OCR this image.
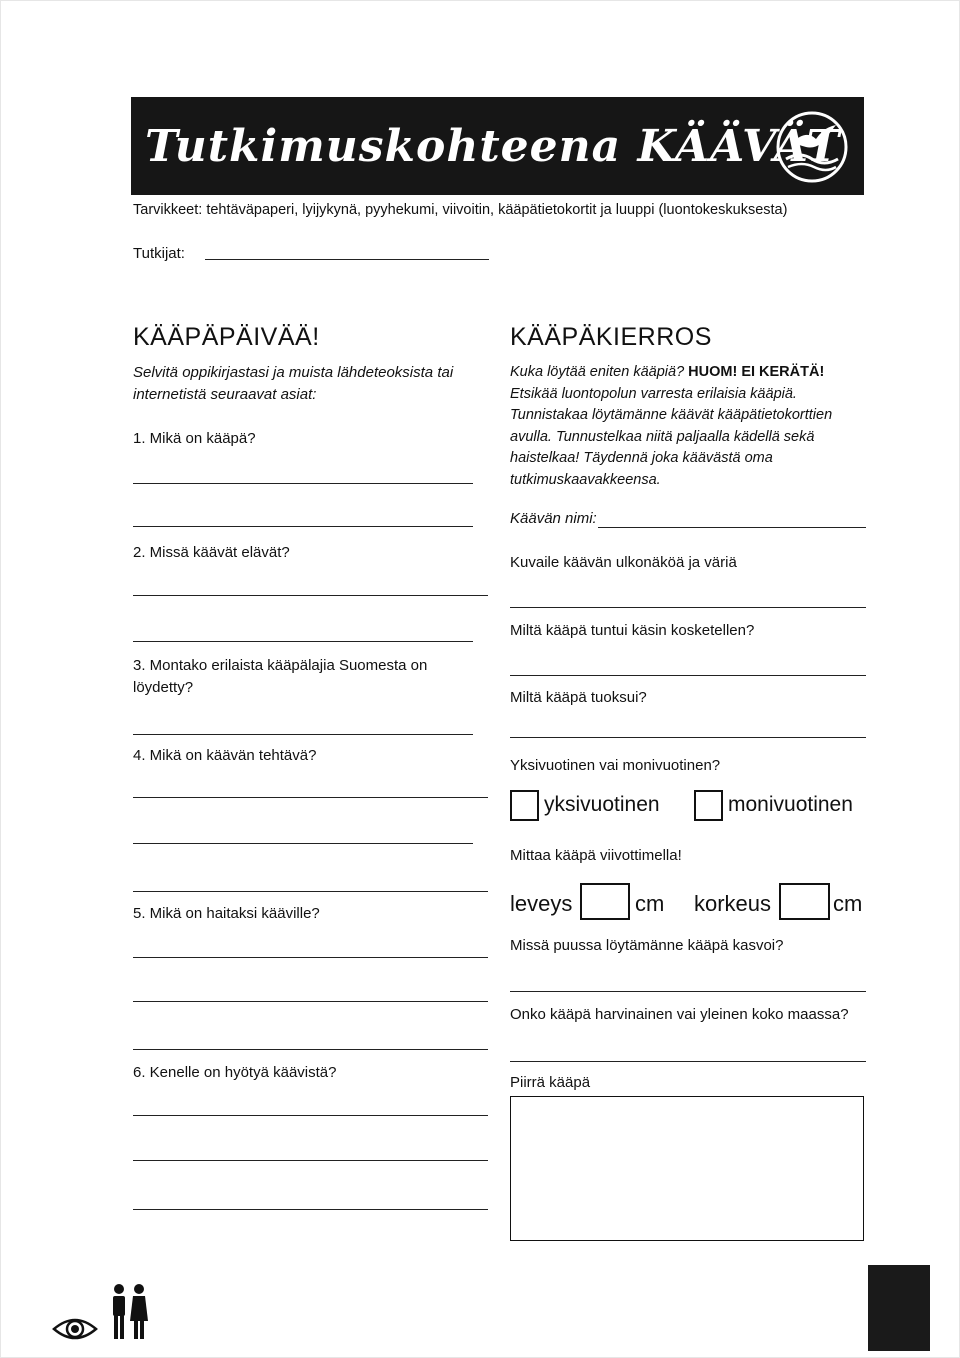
Tutkimuskohteena KÄÄVÄT
Tarvikkeet: tehtäväpaperi, lyijykynä, pyyhekumi, viivoitin, kääpätietokortit ja luuppi (luontokeskuksesta)
Tutkijat:
KÄÄPÄPÄIVÄÄ!
Selvitä oppikirjastasi ja muista lähdeteoksista tai
internetistä seuraavat asiat:
1. Mikä on kääpä?
2. Missä käävät elävät?
3. Montako erilaista kääpälajia Suomesta on
löydetty?
4. Mikä on käävän tehtävä?
5. Mikä on haitaksi kääville?
6. Kenelle on hyötyä käävistä?
KÄÄPÄKIERROS
Kuka löytää eniten kääpiä? HUOM! EI KERÄTÄ! Etsikää luontopolun varresta erilaisia kääpiä. Tunnistakaa löytämänne käävät kääpätietokorttien avulla. Tunnustelkaa niitä paljaalla kädellä sekä haistelkaa! Täydennä joka käävästä oma tutkimuskaavakkeensa.
Käävän nimi:
Kuvaile käävän ulkonäköä ja väriä
Miltä kääpä tuntui käsin kosketellen?
Miltä kääpä tuoksui?
Yksivuotinen vai monivuotinen?
yksivuotinen	monivuotinen
Mittaa kääpä viivottimella!
leveys	cm korkeus	cm
Missä puussa löytämänne kääpä kasvoi?
Onko kääpä harvinainen vai yleinen koko maassa?
Piirrä kääpä
